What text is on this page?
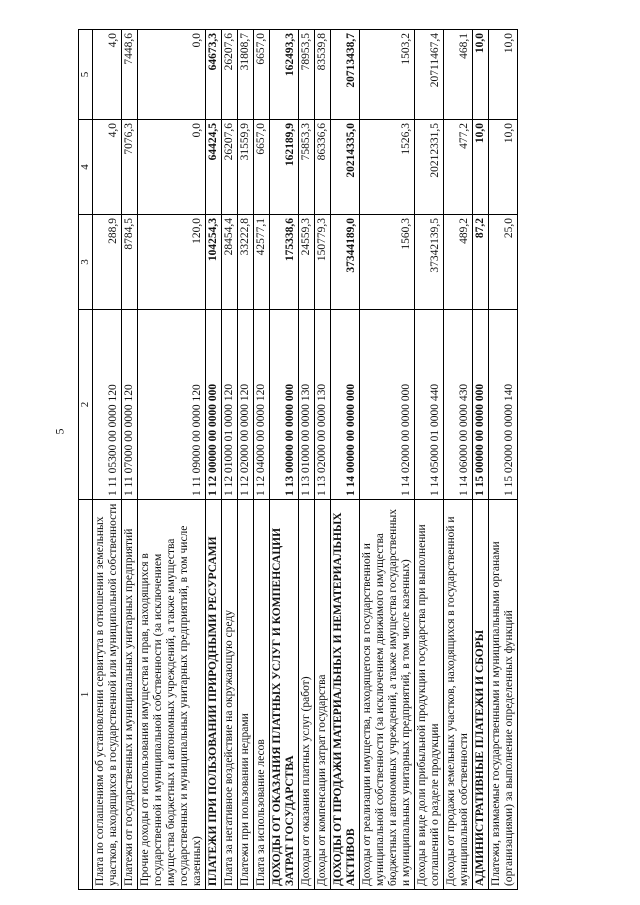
5
1	2	3	4	5
Плата по соглашениям об установлении сервитута в отношении земельных участков, находящихся в государственной или муниципальной собственности	1 11 05300 00 0000 120	288,9	4,0	4,0
Платежи от государственных и муниципальных унитарных предприятий	1 11 07000 00 0000 120	8784,5	7076,3	7448,6
Прочие доходы от использования имущества и прав, находящихся в государственной и муниципальной собственности (за исключением имущества бюджетных и автономных учреждений, а также имущества государственных и муниципальных унитарных предприятий, в том числе казенных)	1 11 09000 00 0000 120	120,0	0,0	0,0
ПЛАТЕЖИ ПРИ ПОЛЬЗОВАНИИ ПРИРОДНЫМИ РЕСУРСАМИ	1 12 00000 00 0000 000	104254,3	64424,5	64673,3
Плата за негативное воздействие на окружающую среду	1 12 01000 01 0000 120	28454,4	26207,6	26207,6
Платежи при пользовании недрами	1 12 02000 00 0000 120	33222,8	31559,9	31808,7
Плата за использование лесов	1 12 04000 00 0000 120	42577,1	6657,0	6657,0
ДОХОДЫ ОТ ОКАЗАНИЯ ПЛАТНЫХ УСЛУГ И КОМПЕНСАЦИИ ЗАТРАТ ГОСУДАРСТВА	1 13 00000 00 0000 000	175338,6	162189,9	162493,3
Доходы от оказания платных услуг (работ)	1 13 01000 00 0000 130	24559,3	75853,3	78953,5
Доходы от компенсации затрат государства	1 13 02000 00 0000 130	150779,3	86336,6	83539,8
ДОХОДЫ ОТ ПРОДАЖИ МАТЕРИАЛЬНЫХ И НЕМАТЕРИАЛЬНЫХ АКТИВОВ	1 14 00000 00 0000 000	37344189,0	20214335,0	20713438,7
Доходы от реализации имущества, находящегося в государственной и муниципальной собственности (за исключением движимого имущества бюджетных и автономных учреждений, а также имущества государственных и муниципальных унитарных предприятий, в том числе казенных)	1 14 02000 00 0000 000	1560,3	1526,3	1503,2
Доходы в виде доли прибыльной продукции государства при выполнении соглашений о разделе продукции	1 14 05000 01 0000 440	37342139,5	20212331,5	20711467,4
Доходы от продажи земельных участков, находящихся в государственной и муниципальной собственности	1 14 06000 00 0000 430	489,2	477,2	468,1
АДМИНИСТРАТИВНЫЕ ПЛАТЕЖИ И СБОРЫ	1 15 00000 00 0000 000	87,2	10,0	10,0
Платежи, взимаемые государственными и муниципальными органами (организациями) за выполнение определенных функций	1 15 02000 00 0000 140	25,0	10,0	10,0
